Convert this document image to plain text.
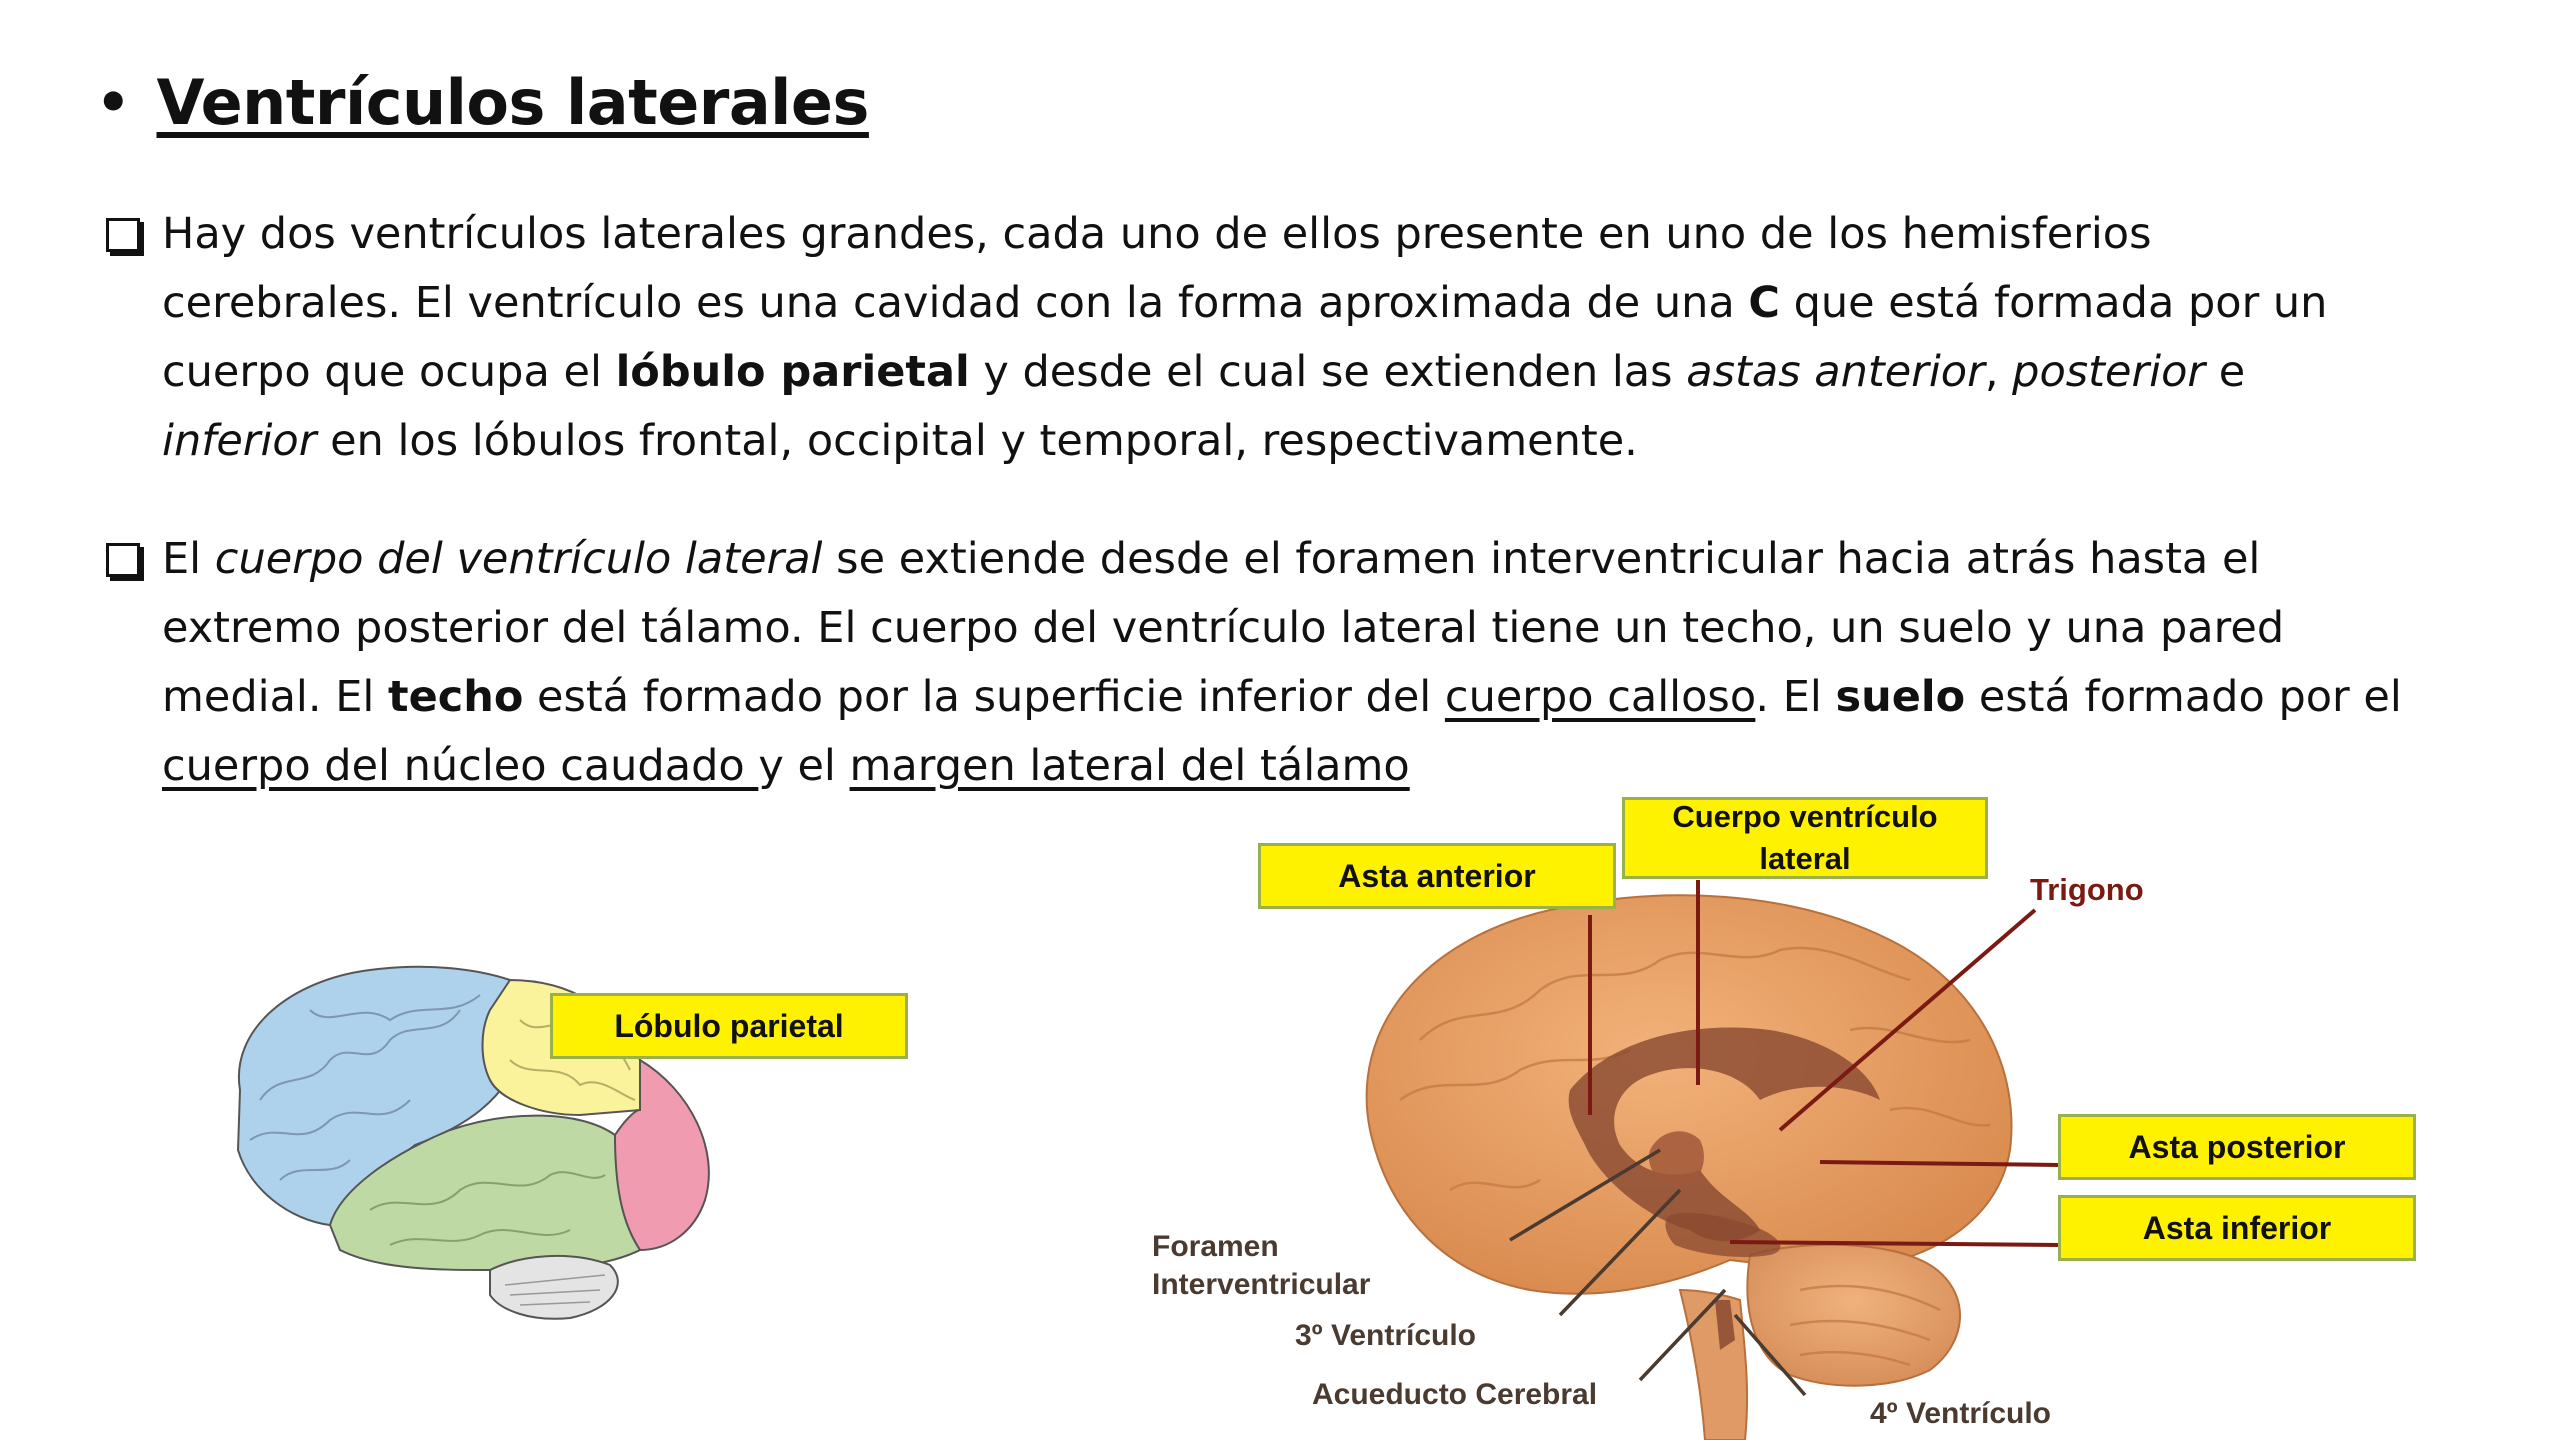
• Ventrículos laterales

Hay dos ventrículos laterales grandes, cada uno de ellos presente en uno de los hemisferios cerebrales. El ventrículo es una cavidad con la forma aproximada de una C que está formada por un cuerpo que ocupa el lóbulo parietal y desde el cual se extienden las astas anterior, posterior e inferior en los lóbulos frontal, occipital y temporal, respectivamente.

El cuerpo del ventrículo lateral se extiende desde el foramen interventricular hacia atrás hasta el extremo posterior del tálamo. El cuerpo del ventrículo lateral tiene un techo, un suelo y una pared medial. El techo está formado por la superficie inferior del cuerpo calloso. El suelo está formado por el cuerpo del núcleo caudado y el margen lateral del tálamo

Lóbulo parietal
Asta anterior
Cuerpo ventrículo lateral
Asta posterior
Asta inferior
Trigono
Foramen
Interventricular
3º Ventrículo
Acueducto Cerebral
4º Ventrículo
